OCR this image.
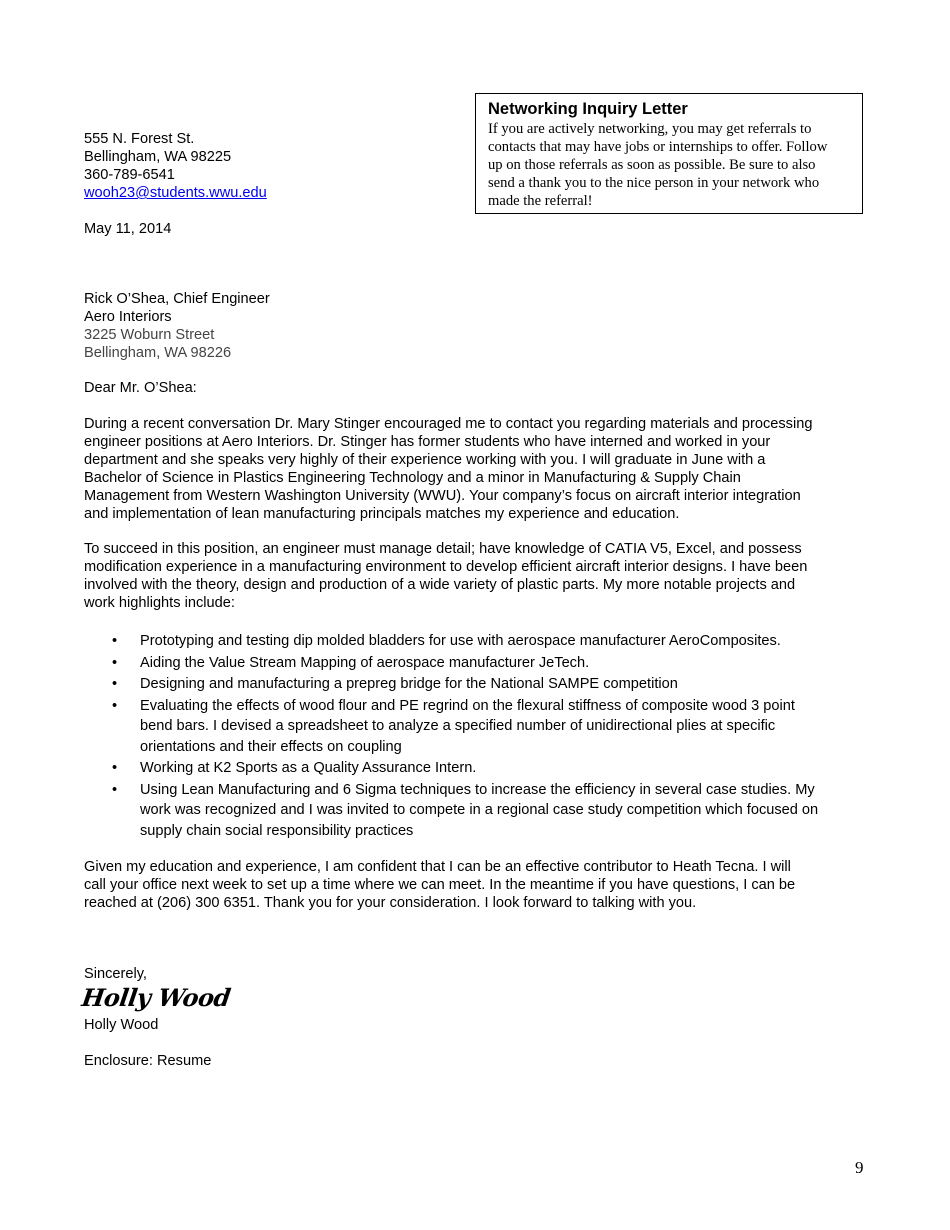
Networking Inquiry Letter
If you are actively networking, you may get referrals to
contacts that may have jobs or internships to offer. Follow
up on those referrals as soon as possible. Be sure to also
send a thank you to the nice person in your network who
made the referral!
555 N. Forest St.
Bellingham, WA 98225
360-789-6541
wooh23@students.wwu.edu
May 11, 2014
Rick O’Shea, Chief Engineer
Aero Interiors
3225 Woburn Street
Bellingham, WA 98226
Dear Mr. O’Shea:
During a recent conversation Dr. Mary Stinger encouraged me to contact you regarding materials and processing
engineer positions at Aero Interiors. Dr. Stinger has former students who have interned and worked in your
department and she speaks very highly of their experience working with you. I will graduate in June with a
Bachelor of Science in Plastics Engineering Technology and a minor in Manufacturing & Supply Chain
Management from Western Washington University (WWU). Your company’s focus on aircraft interior integration
and implementation of lean manufacturing principals matches my experience and education.
To succeed in this position, an engineer must manage detail; have knowledge of CATIA V5, Excel, and possess
modification experience in a manufacturing environment to develop efficient aircraft interior designs. I have been
involved with the theory, design and production of a wide variety of plastic parts. My more notable projects and
work highlights include:
• Prototyping and testing dip molded bladders for use with aerospace manufacturer AeroComposites.
• Aiding the Value Stream Mapping of aerospace manufacturer JeTech.
• Designing and manufacturing a prepreg bridge for the National SAMPE competition
• Evaluating the effects of wood flour and PE regrind on the flexural stiffness of composite wood 3 point
bend bars. I devised a spreadsheet to analyze a specified number of unidirectional plies at specific
orientations and their effects on coupling
• Working at K2 Sports as a Quality Assurance Intern.
• Using Lean Manufacturing and 6 Sigma techniques to increase the efficiency in several case studies. My
work was recognized and I was invited to compete in a regional case study competition which focused on
supply chain social responsibility practices
Given my education and experience, I am confident that I can be an effective contributor to Heath Tecna. I will
call your office next week to set up a time where we can meet. In the meantime if you have questions, I can be
reached at (206) 300 6351. Thank you for your consideration. I look forward to talking with you.
Sincerely,
Holly Wood
Holly Wood
Enclosure: Resume
9
